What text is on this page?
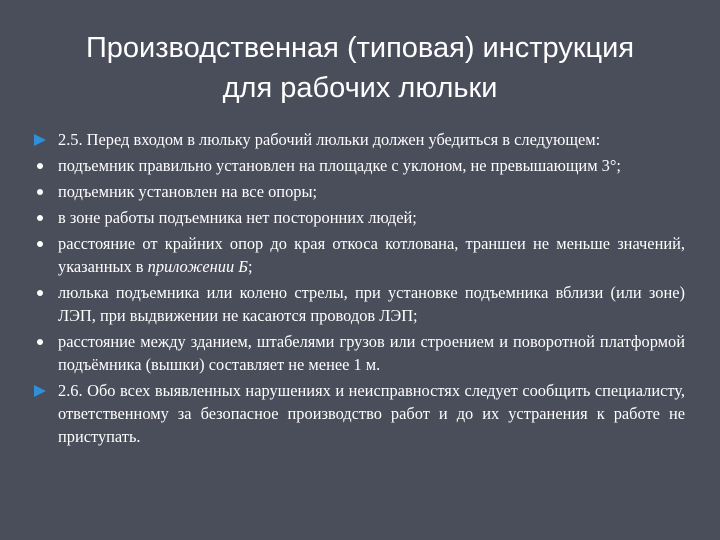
Производственная (типовая) инструкция
для рабочих люльки
2.5. Перед входом в люльку рабочий люльки должен убедиться в следующем:
подъемник правильно установлен на площадке с уклоном, не превышающим 3°;
подъемник установлен на все опоры;
в зоне работы подъемника нет посторонних людей;
расстояние от крайних опор до края откоса котлована, траншеи не меньше значений, указанных в приложении Б;
люлька подъемника или колено стрелы, при установке подъемника вблизи (или зоне) ЛЭП, при выдвижении не касаются проводов ЛЭП;
расстояние между зданием, штабелями грузов или строением и поворотной платформой подъёмника (вышки) составляет не менее 1 м.
2.6. Обо всех выявленных нарушениях и неисправностях следует сообщить специалисту, ответственному за безопасное производство работ и до их устранения к работе не приступать.
